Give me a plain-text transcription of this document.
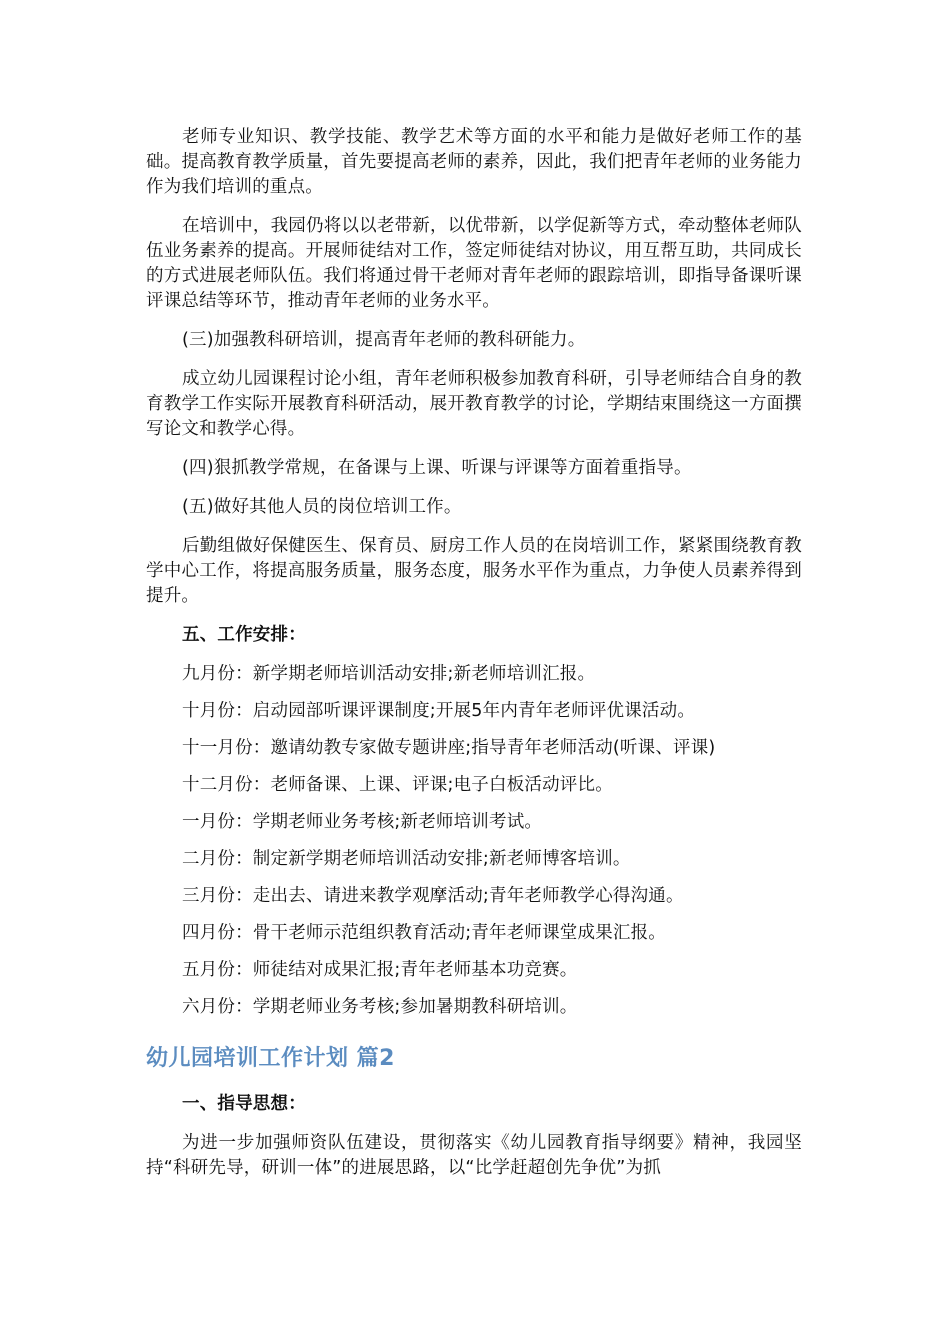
老师专业知识、教学技能、教学艺术等方面的水平和能力是做好老师工作的基础。提高教育教学质量，首先要提高老师的素养，因此，我们把青年老师的业务能力作为我们培训的重点。

在培训中，我园仍将以以老带新，以优带新，以学促新等方式，牵动整体老师队伍业务素养的提高。开展师徒结对工作，签定师徒结对协议，用互帮互助，共同成长的方式进展老师队伍。我们将通过骨干老师对青年老师的跟踪培训，即指导备课听课评课总结等环节，推动青年老师的业务水平。

(三)加强教科研培训，提高青年老师的教科研能力。

成立幼儿园课程讨论小组，青年老师积极参加教育科研，引导老师结合自身的教育教学工作实际开展教育科研活动，展开教育教学的讨论，学期结束围绕这一方面撰写论文和教学心得。

(四)狠抓教学常规，在备课与上课、听课与评课等方面着重指导。

(五)做好其他人员的岗位培训工作。

后勤组做好保健医生、保育员、厨房工作人员的在岗培训工作，紧紧围绕教育教学中心工作，将提高服务质量，服务态度，服务水平作为重点，力争使人员素养得到提升。

五、工作安排：

九月份：新学期老师培训活动安排;新老师培训汇报。

十月份：启动园部听课评课制度;开展5年内青年老师评优课活动。

十一月份：邀请幼教专家做专题讲座;指导青年老师活动(听课、评课)

十二月份：老师备课、上课、评课;电子白板活动评比。

一月份：学期老师业务考核;新老师培训考试。

二月份：制定新学期老师培训活动安排;新老师博客培训。

三月份：走出去、请进来教学观摩活动;青年老师教学心得沟通。

四月份：骨干老师示范组织教育活动;青年老师课堂成果汇报。

五月份：师徒结对成果汇报;青年老师基本功竞赛。

六月份：学期老师业务考核;参加暑期教科研培训。

幼儿园培训工作计划 篇2

一、指导思想：

为进一步加强师资队伍建设，贯彻落实《幼儿园教育指导纲要》精神，我园坚持“科研先导，研训一体”的进展思路，以“比学赶超创先争优”为抓
